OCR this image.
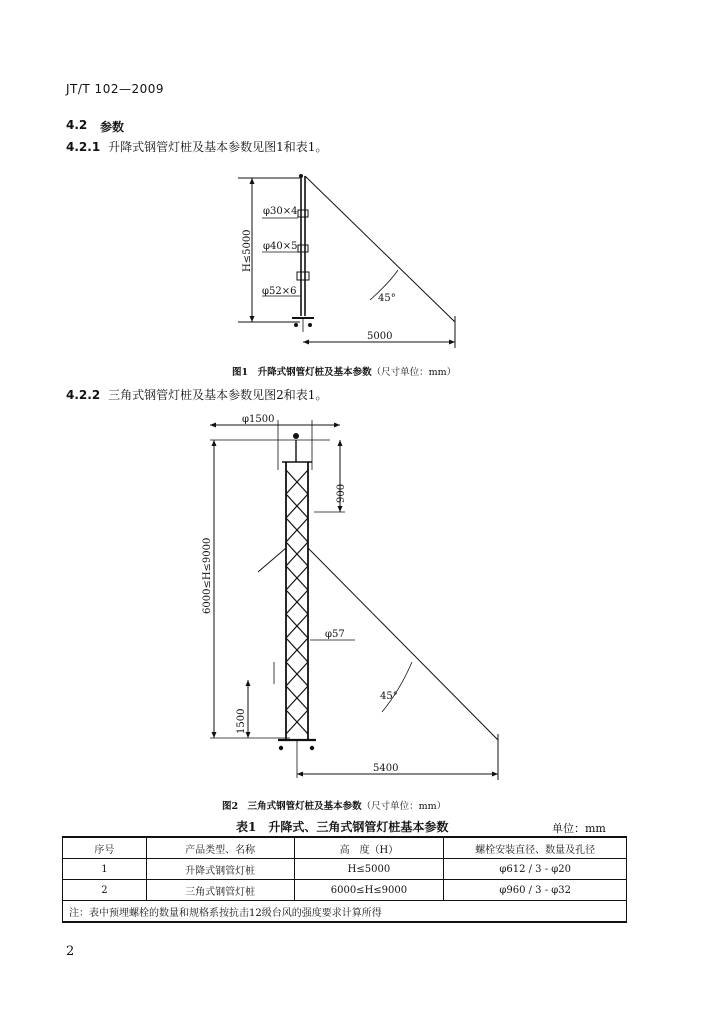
JT/T 102—2009
4.2 参数
4.2.1 升降式钢管灯桩及基本参数见图1和表1。
H≤5000
φ30×4
φ40×5
φ52×6
45°
5000
φ1500
6000≤H≤9000
900
φ57
45°
1500
5400
图1　升降式钢管灯桩及基本参数（尺寸单位：mm）
4.2.2 三角式钢管灯桩及基本参数见图2和表1。
图2　三角式钢管灯桩及基本参数（尺寸单位：mm）
表1　升降式、三角式钢管灯桩基本参数	单位：mm
序号	产品类型、名称	高　度（H）	螺栓安装直径、数量及孔径
1	升降式钢管灯桩	H≤5000	φ612 / 3 - φ20
2	三角式钢管灯桩	6000≤H≤9000	φ960 / 3 - φ32
注：表中预埋螺栓的数量和规格系按抗击12级台风的强度要求计算所得			
2
